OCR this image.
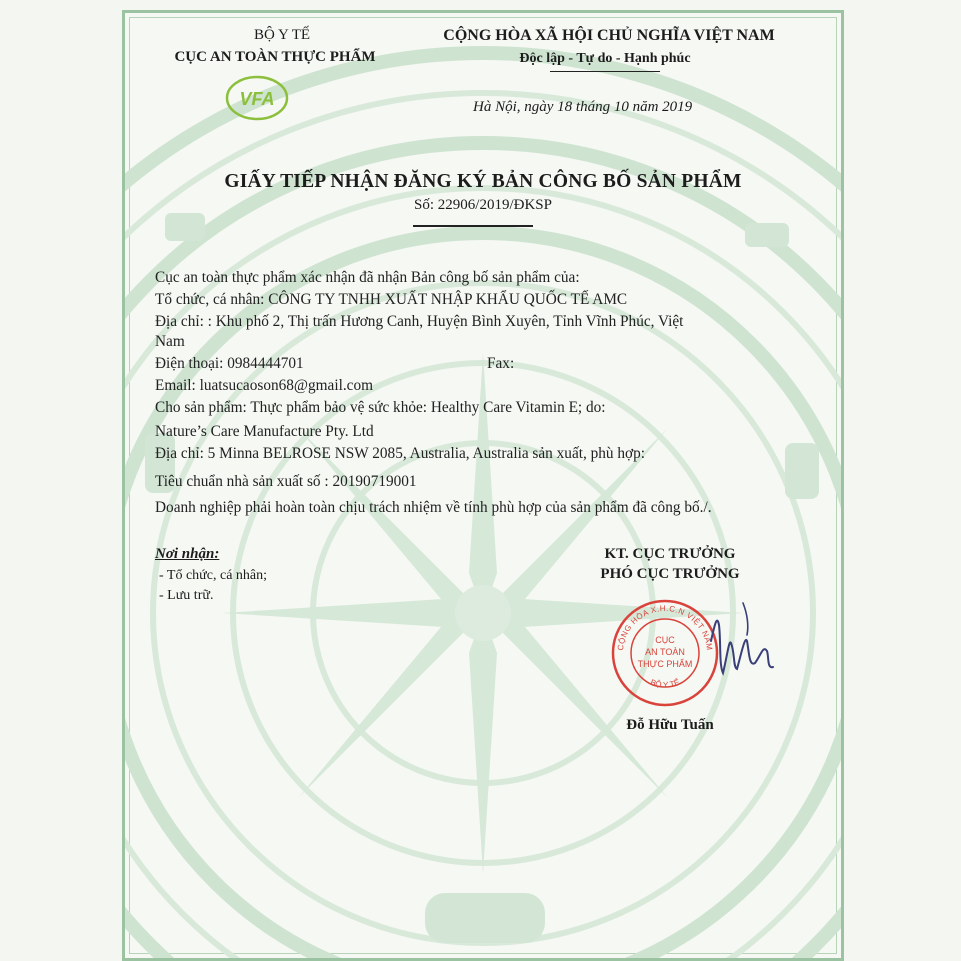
BỘ Y TẾ
CỤC AN TOÀN THỰC PHẨM
VFA
CỘNG HÒA XÃ HỘI CHỦ NGHĨA VIỆT NAM
Độc lập - Tự do - Hạnh phúc
Hà Nội, ngày 18 tháng 10 năm 2019
GIẤY TIẾP NHẬN ĐĂNG KÝ BẢN CÔNG BỐ SẢN PHẨM
Số: 22906/2019/ĐKSP
Cục an toàn thực phẩm xác nhận đã nhận Bản công bố sản phẩm của:
Tổ chức, cá nhân: CÔNG TY TNHH XUẤT NHẬP KHẨU QUỐC TẾ AMC
Địa chỉ: : Khu phố 2, Thị trấn Hương Canh, Huyện Bình Xuyên, Tỉnh Vĩnh Phúc, Việt
Nam
Điện thoại: 0984444701	Fax:
Email: luatsucaoson68@gmail.com
Cho sản phẩm: Thực phẩm bảo vệ sức khỏe: Healthy Care Vitamin E; do:
Nature’s Care Manufacture Pty. Ltd
Địa chỉ: 5 Minna BELROSE NSW 2085, Australia, Australia sản xuất, phù hợp:
Tiêu chuẩn nhà sản xuất số : 20190719001
Doanh nghiệp phải hoàn toàn chịu trách nhiệm về tính phù hợp của sản phẩm đã công bố./.
Nơi nhận:
- Tổ chức, cá nhân;
- Lưu trữ.
KT. CỤC TRƯỞNG
PHÓ CỤC TRƯỞNG
CỘNG HÒA X.H.C.N VIỆT NAM
BỘ Y TẾ
CỤC
AN TOÀN
THỰC PHẨM
Đỗ Hữu Tuấn
